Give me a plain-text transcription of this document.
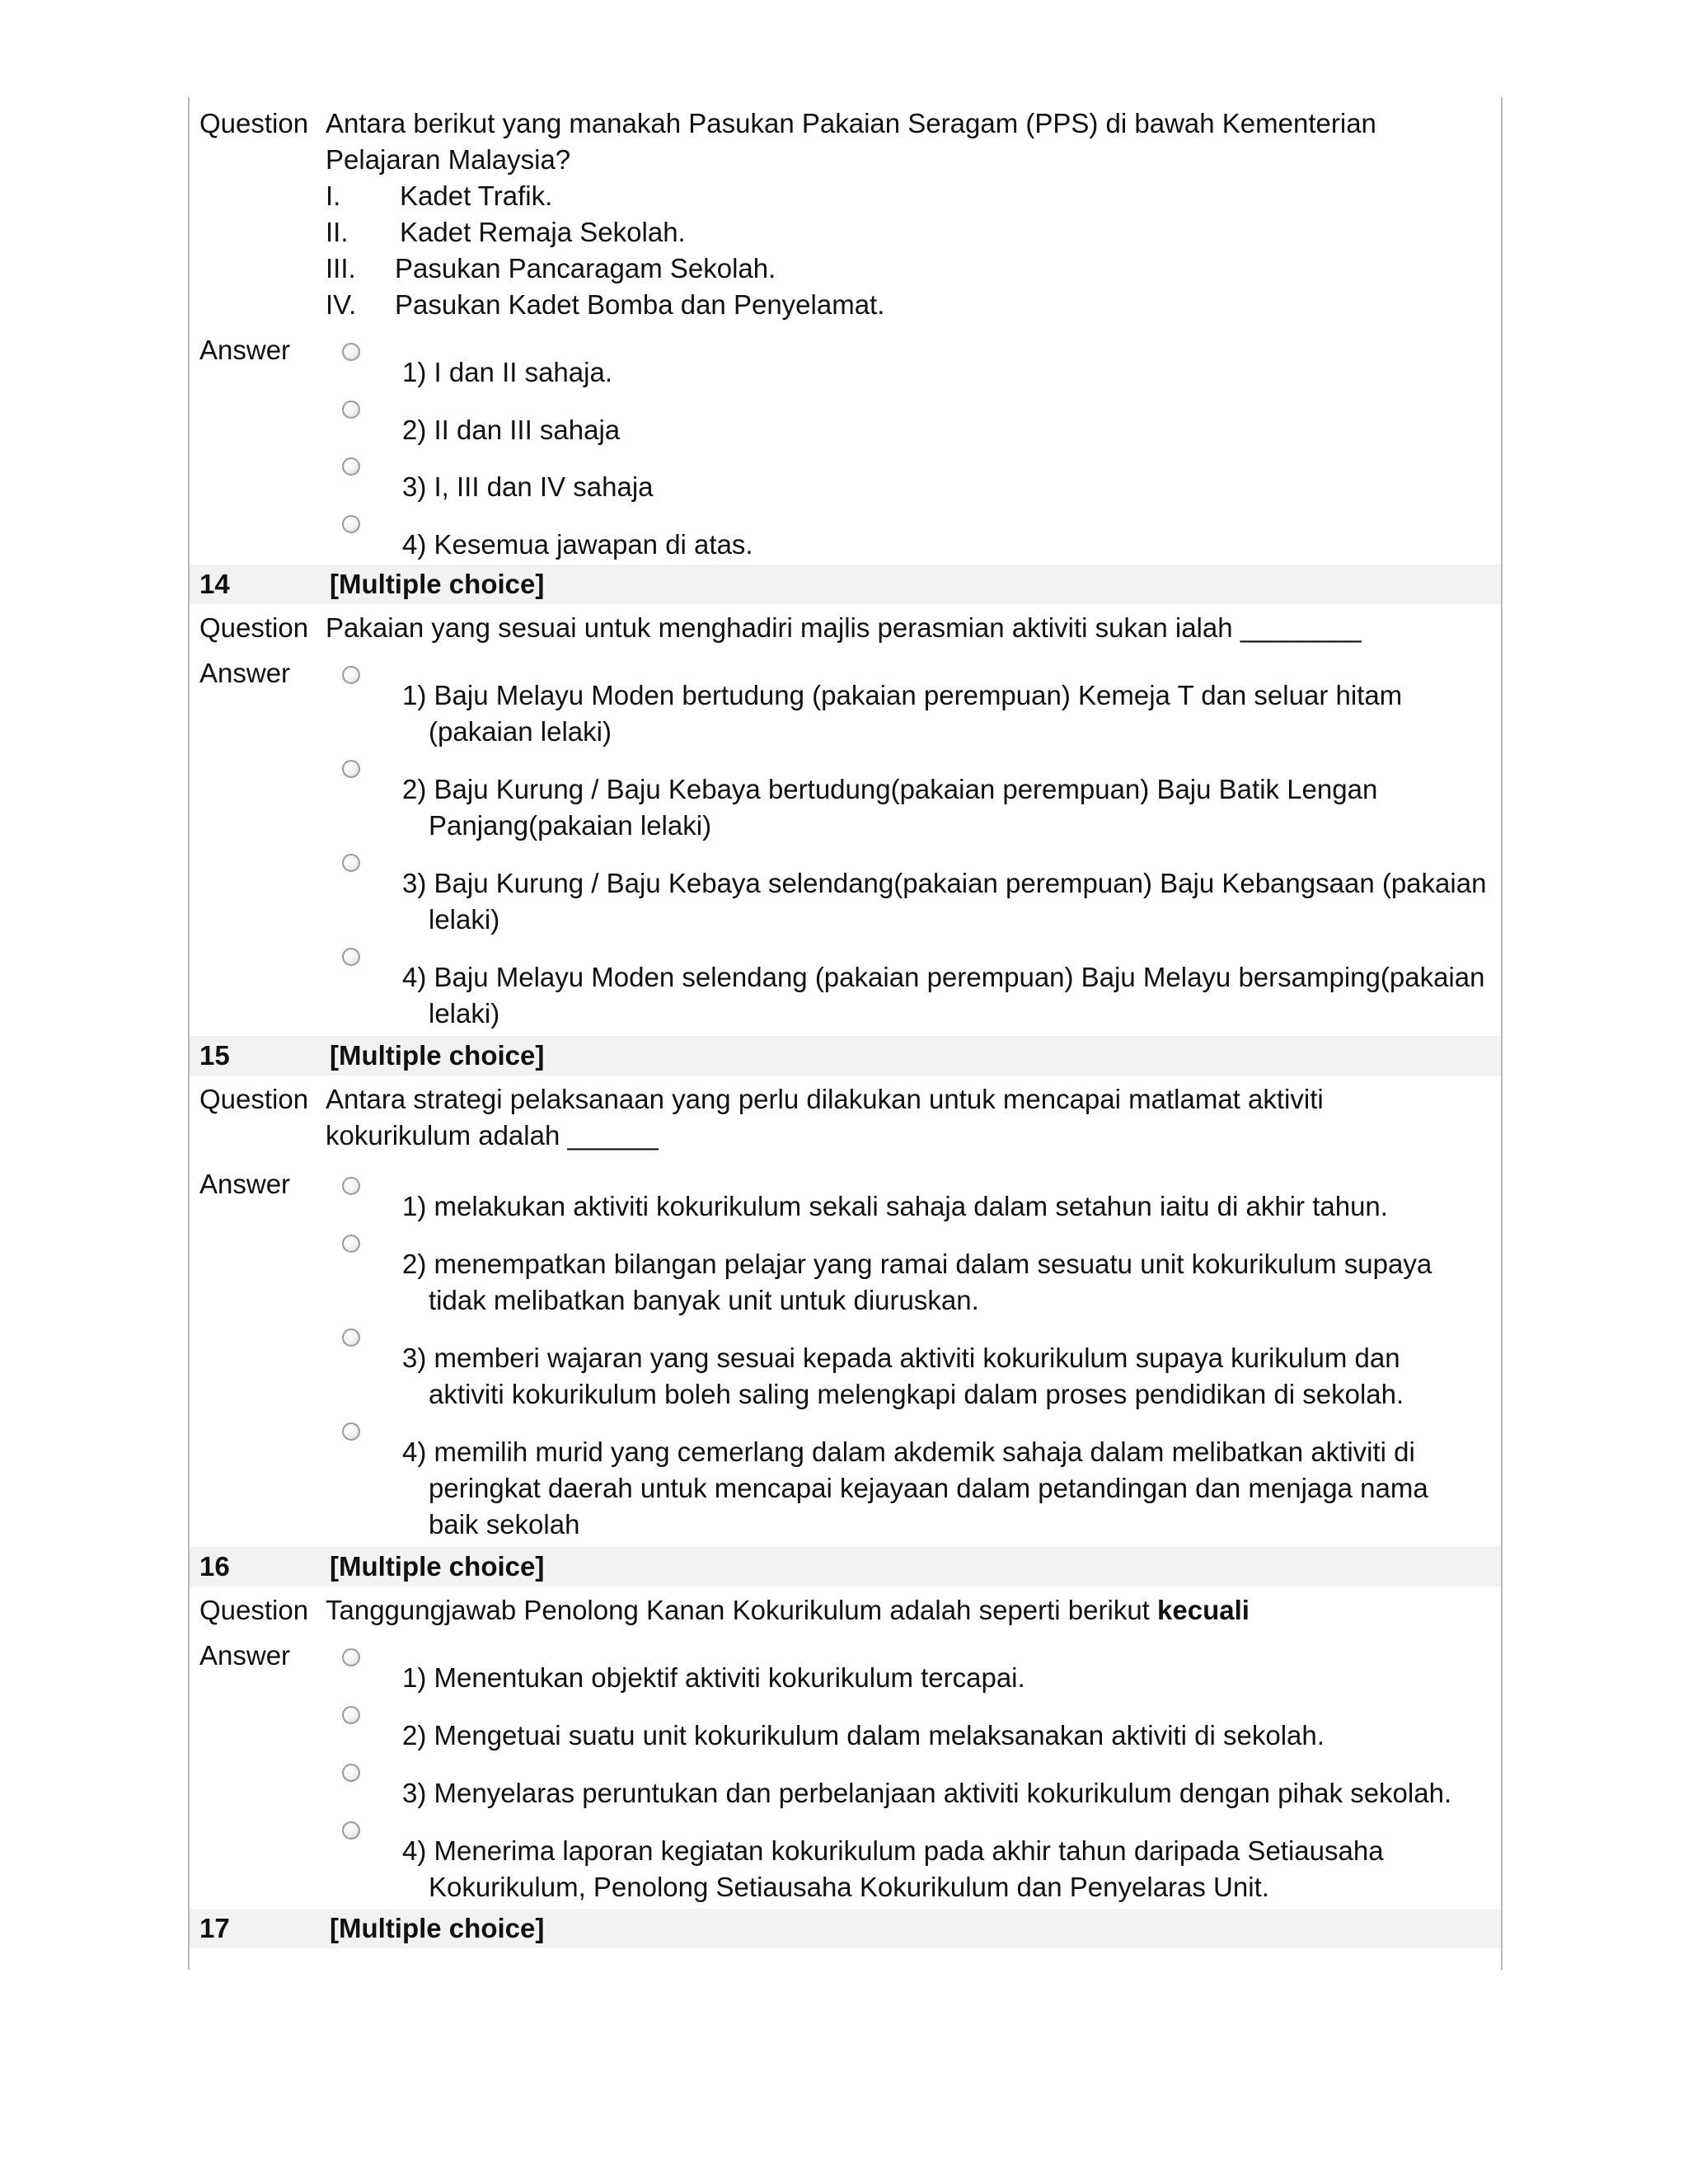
Question Antara berikut yang manakah Pasukan Pakaian Seragam (PPS) di bawah Kementerian Pelajaran Malaysia?
I. Kadet Trafik.
II. Kadet Remaja Sekolah.
III. Pasukan Pancaragam Sekolah.
IV. Pasukan Kadet Bomba dan Penyelamat.
Answer
1) I dan II sahaja.
2) II dan III sahaja
3) I, III dan IV sahaja
4) Kesemua jawapan di atas.
14	[Multiple choice]
Question Pakaian yang sesuai untuk menghadiri majlis perasmian aktiviti sukan ialah ________
Answer
1) Baju Melayu Moden bertudung (pakaian perempuan) Kemeja T dan seluar hitam (pakaian lelaki)
2) Baju Kurung / Baju Kebaya bertudung(pakaian perempuan) Baju Batik Lengan Panjang(pakaian lelaki)
3) Baju Kurung / Baju Kebaya selendang(pakaian perempuan) Baju Kebangsaan (pakaian lelaki)
4) Baju Melayu Moden selendang (pakaian perempuan) Baju Melayu bersamping(pakaian lelaki)
15	[Multiple choice]
Question Antara strategi pelaksanaan yang perlu dilakukan untuk mencapai matlamat aktiviti kokurikulum adalah ______
Answer
1) melakukan aktiviti kokurikulum sekali sahaja dalam setahun iaitu di akhir tahun.
2) menempatkan bilangan pelajar yang ramai dalam sesuatu unit kokurikulum supaya tidak melibatkan banyak unit untuk diuruskan.
3) memberi wajaran yang sesuai kepada aktiviti kokurikulum supaya kurikulum dan aktiviti kokurikulum boleh saling melengkapi dalam proses pendidikan di sekolah.
4) memilih murid yang cemerlang dalam akdemik sahaja dalam melibatkan aktiviti di peringkat daerah untuk mencapai kejayaan dalam petandingan dan menjaga nama baik sekolah
16	[Multiple choice]
Question Tanggungjawab Penolong Kanan Kokurikulum adalah seperti berikut kecuali
Answer
1) Menentukan objektif aktiviti kokurikulum tercapai.
2) Mengetuai suatu unit kokurikulum dalam melaksanakan aktiviti di sekolah.
3) Menyelaras peruntukan dan perbelanjaan aktiviti kokurikulum dengan pihak sekolah.
4) Menerima laporan kegiatan kokurikulum pada akhir tahun daripada Setiausaha Kokurikulum, Penolong Setiausaha Kokurikulum dan Penyelaras Unit.
17	[Multiple choice]
